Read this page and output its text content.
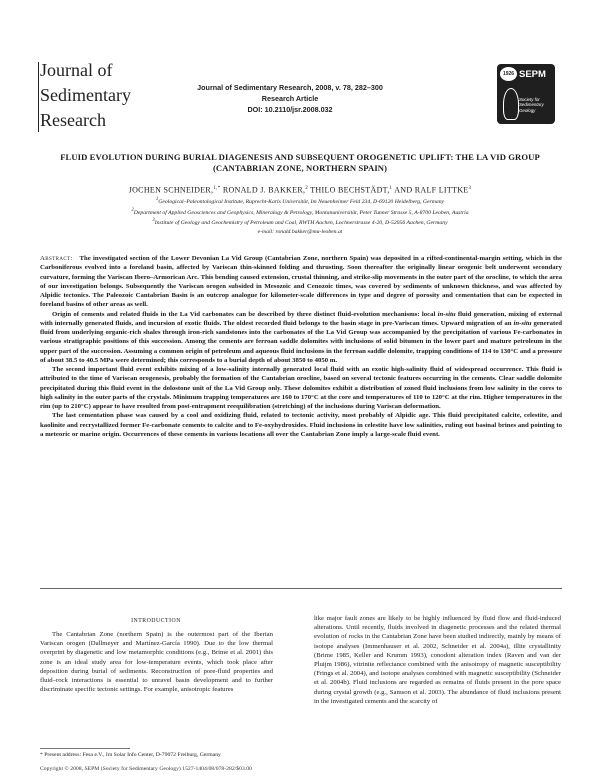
Journal of
Sedimentary
Research
Journal of Sedimentary Research, 2008, v. 78, 282–300
Research Article
DOI: 10.2110/jsr.2008.032
1926 SEPM
Society for Sedimentary Geology
FLUID EVOLUTION DURING BURIAL DIAGENESIS AND SUBSEQUENT OROGENETIC UPLIFT: THE LA VID GROUP (CANTABRIAN ZONE, NORTHERN SPAIN)
JOCHEN SCHNEIDER,$^{1,*}$ RONALD J. BAKKER,$^2$ THILO BECHSTÄDT,$^1$ AND RALF LITTKE$^3$
$^1$Geological–Paleontological Institute, Ruprecht-Karls Universität, Im Neuenheimer Feld 234, D-69120 Heidelberg, Germany
$^2$Department of Applied Geosciences and Geophysics, Mineralogy & Petrology, Montanuniversität, Peter Tunner Strasse 5, A-8700 Leoben, Austria
$^3$Institute of Geology and Geochemistry of Petroleum and Coal, RWTH Aachen, Lochnerstrasse 4-20, D-52056 Aachen, Germany
e-mail: ronald.bakker@mu-leoben.at

Abstract: The investigated section of the Lower Devonian La Vid Group (Cantabrian Zone, northern Spain) was deposited in a rifted-continental-margin setting, which in the Carboniferous evolved into a foreland basin, affected by Variscan thin-skinned folding and thrusting. Soon thereafter the originally linear orogenic belt underwent secondary curvature, forming the Variscan Ibero–Armorican Arc. This bending caused extension, crustal thinning, and strike-slip movements in the outer part of the orocline, to which the area of our investigation belongs. Subsequently the Variscan orogen subsided in Mesozoic and Cenozoic times, was covered by sediments of unknown thickness, and was affected by Alpidic tectonics. The Paleozoic Cantabrian Basin is an outcrop analogue for kilometer-scale differences in type and degree of porosity and cementation that can be expected in foreland basins of other areas as well.

Origin of cements and related fluids in the La Vid carbonates can be described by three distinct fluid-evolution mechanisms: local in-situ fluid generation, mixing of external with internally generated fluids, and incursion of exotic fluids. The oldest recorded fluid belongs to the basin stage in pre-Variscan times. Upward migration of an in-situ generated fluid from underlying organic-rich shales through iron-rich sandstones into the carbonates of the La Vid Group was accompanied by the precipitation of various Fe-carbonates in various stratigraphic positions of this succession. Among the cements are ferroan saddle dolomites with inclusions of solid bitumen in the lower part and mature petroleum in the upper part of the succession. Assuming a common origin of petroleum and aqueous fluid inclusions in the ferroan saddle dolomite, trapping conditions of 114 to 130°C and a pressure of about 38.5 to 40.5 MPa were determined; this corresponds to a burial depth of about 3850 to 4050 m.

The second important fluid event exhibits mixing of a low-salinity internally generated local fluid with an exotic high-salinity fluid of widespread occurrence. This fluid is attributed to the time of Variscan orogenesis, probably the formation of the Cantabrian orocline, based on several tectonic features occurring in the cements. Clear saddle dolomite precipitated during this fluid event in the dolostone unit of the La Vid Group only. These dolomites exhibit a distribution of zoned fluid inclusions from low salinity in the cores to high salinity in the outer parts of the crystals. Minimum trapping temperatures are 160 to 170°C at the core and temperatures of 110 to 120°C at the rim. Higher temperatures in the rim (up to 210°C) appear to have resulted from post-entrapment reequilibration (stretching) of the inclusions during Variscan deformation.

The last cementation phase was caused by a cool and oxidizing fluid, related to tectonic activity, most probably of Alpidic age. This fluid precipitated calcite, celestite, and kaolinite and recrystallized former Fe-carbonate cements to calcite and to Fe-oxyhydroxides. Fluid inclusions in celestite have low salinities, ruling out basinal brines and pointing to a meteoric or marine origin. Occurrences of these cements in various locations all over the Cantabrian Zone imply a large-scale fluid event.

INTRODUCTION

The Cantabrian Zone (northern Spain) is the outermost part of the Iberian Variscan orogen (Dallmeyer and Martínez-García 1990). Due to the low thermal overprint by diagenetic and low metamorphic conditions (e.g., Brime et al. 2001) this zone is an ideal study area for low-temperature events, which took place after deposition during burial of sediments. Reconstruction of pore-fluid properties and fluid–rock interactions is essential to unravel basin development and to further discriminate specific tectonic settings. For example, anisotropic features

like major fault zones are likely to be highly influenced by fluid flow and fluid-induced alterations. Until recently, fluids involved in diagenetic processes and the related thermal evolution of rocks in the Cantabrian Zone have been studied indirectly, mainly by means of isotope analyses (Immenhauser et al. 2002, Schneider et al. 2004a), illite crystallinity (Brime 1985, Keller and Krumm 1993), conodont alteration index (Raven and van der Pluijm 1986), vitrinite reflectance combined with the anisotropy of magnetic susceptibility (Frings et al. 2004), and isotope analyses combined with magnetic susceptibility (Schneider et al. 2004b). Fluid inclusions are regarded as remains of fluids present in the pore space during crystal growth (e.g., Samson et al. 2003). The abundance of fluid inclusions present in the investigated cements and the scarcity of

* Present address: Fesa e.V., Im Solar Info Center, D-79072 Freiburg, Germany
Copyright © 2008, SEPM (Society for Sedimentary Geology) 1527-1404/08/078-282/$03.00
